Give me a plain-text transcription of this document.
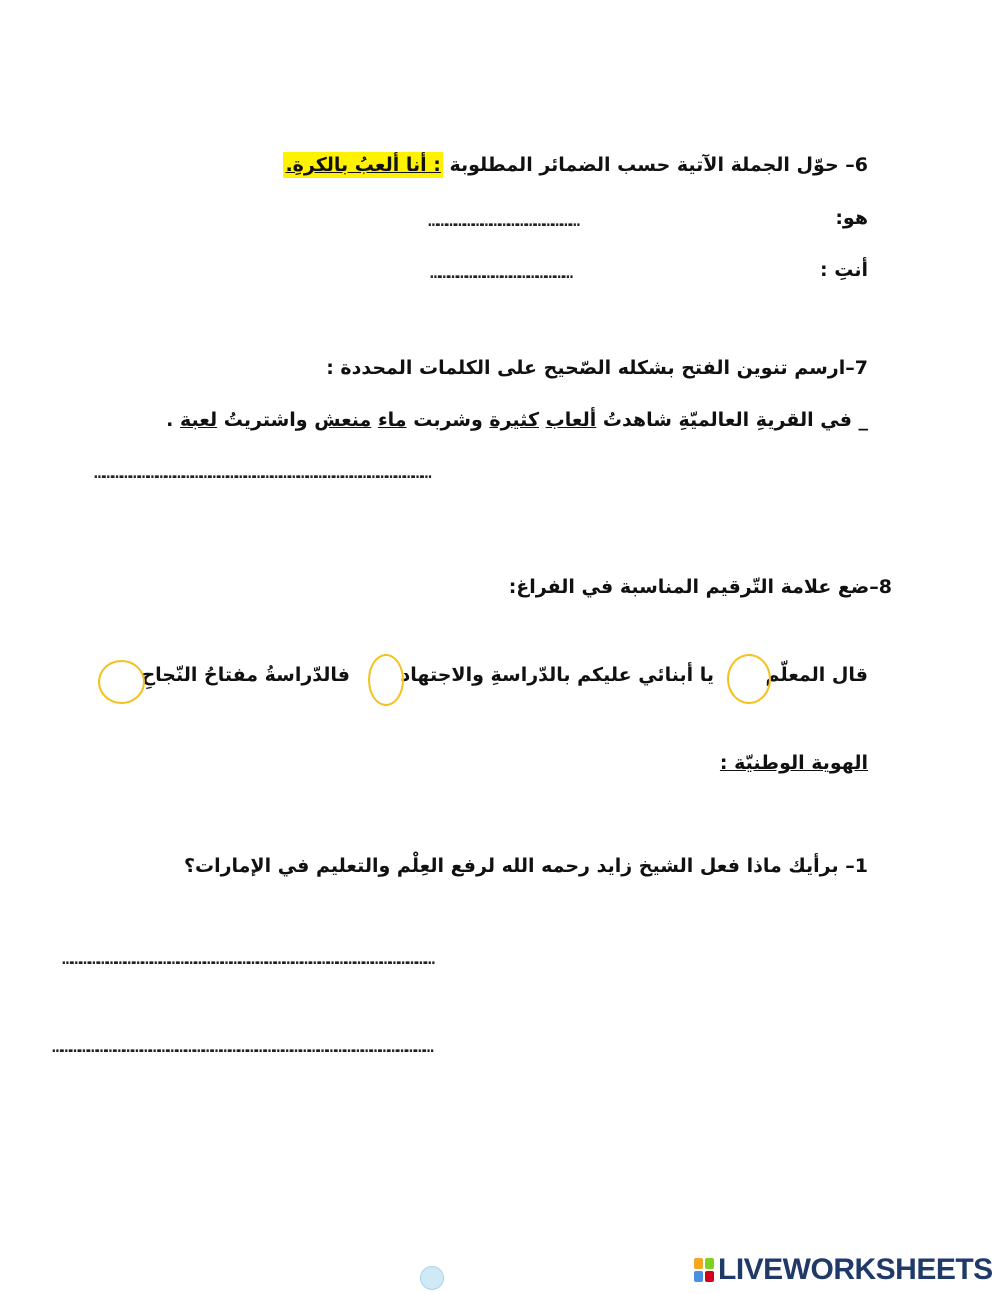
6– حوّل الجملة الآتية حسب الضمائر المطلوبة : أنا ألعبُ بالكرةِ.
هو:
……………………………………………
أنتِ :
…………………………………………
7–ارسم تنوين الفتح بشكله الصّحيح على الكلمات المحددة :
_ في القريةِ العالميّةِ شاهدتُ ألعاب كثيرة وشربت ماء منعش واشتريتُ لعبة .
……………………………………………………………………………………………………
8–ضع علامة التّرقيم المناسبة في الفراغ:
قال المعلّم
يا أبنائي عليكم بالدّراسةِ والاجتهاد
فالدّراسةُ مفتاحُ النّجاحِ
الهوية الوطنيّة :
1– برأيك ماذا فعل الشيخ زايد رحمه الله لرفع العِلْم والتعليم في الإمارات؟
………………………………………………………………………………………………………………
…………………………………………………………………………………………………………………
LIVEWORKSHEETS
